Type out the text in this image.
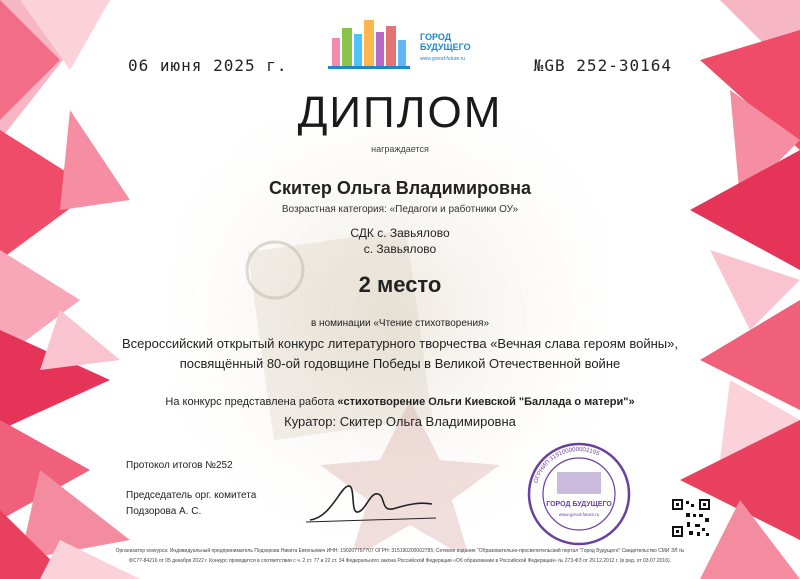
06 июня 2025 г.	№GB 252-30164
ГОРОД
БУДУЩЕГО
www.gorod-future.ru
ДИПЛОМ
награждается
Скитер Ольга Владимировна
Возрастная категория: «Педагоги и работники ОУ»
СДК с. Завьялово
с. Завьялово
2 место
в номинации «Чтение стихотворения»
Всероссийский открытый конкурс литературного творчества «Вечная слава героям войны»,
посвящённый 80-ой годовщине Победы в Великой Отечественной войне
На конкурс представлена работа «стихотворение Ольги Киевской "Баллада о матери"»
Куратор: Скитер Ольга Владимировна
Протокол итогов №252
Председатель орг. комитета
Подзорова А. С.
ОГРНИП 319100000002195
ГОРОД БУДУЩЕГО
www.gorod-future.ru
Организатор конкурса: Индивидуальный предприниматель Подзорова Никита Евгеньевич ИНН: 190207757707 ОГРН: 315190200002785; Сетевое издание "Образовательно-просветительский портал "Город Будущего" Свидетельство СМИ ЭЛ №
ФС77-84216 от 05 декабря 2022 г. Конкурс проводится в соответствии с ч. 2 ст. 77 и 22 ст. 34 Федерального закона Российской Федерации «Об образовании в Российской Федерации» № 273-ФЗ от 29.12.2012 г. (в ред. от 03.07.2016).
